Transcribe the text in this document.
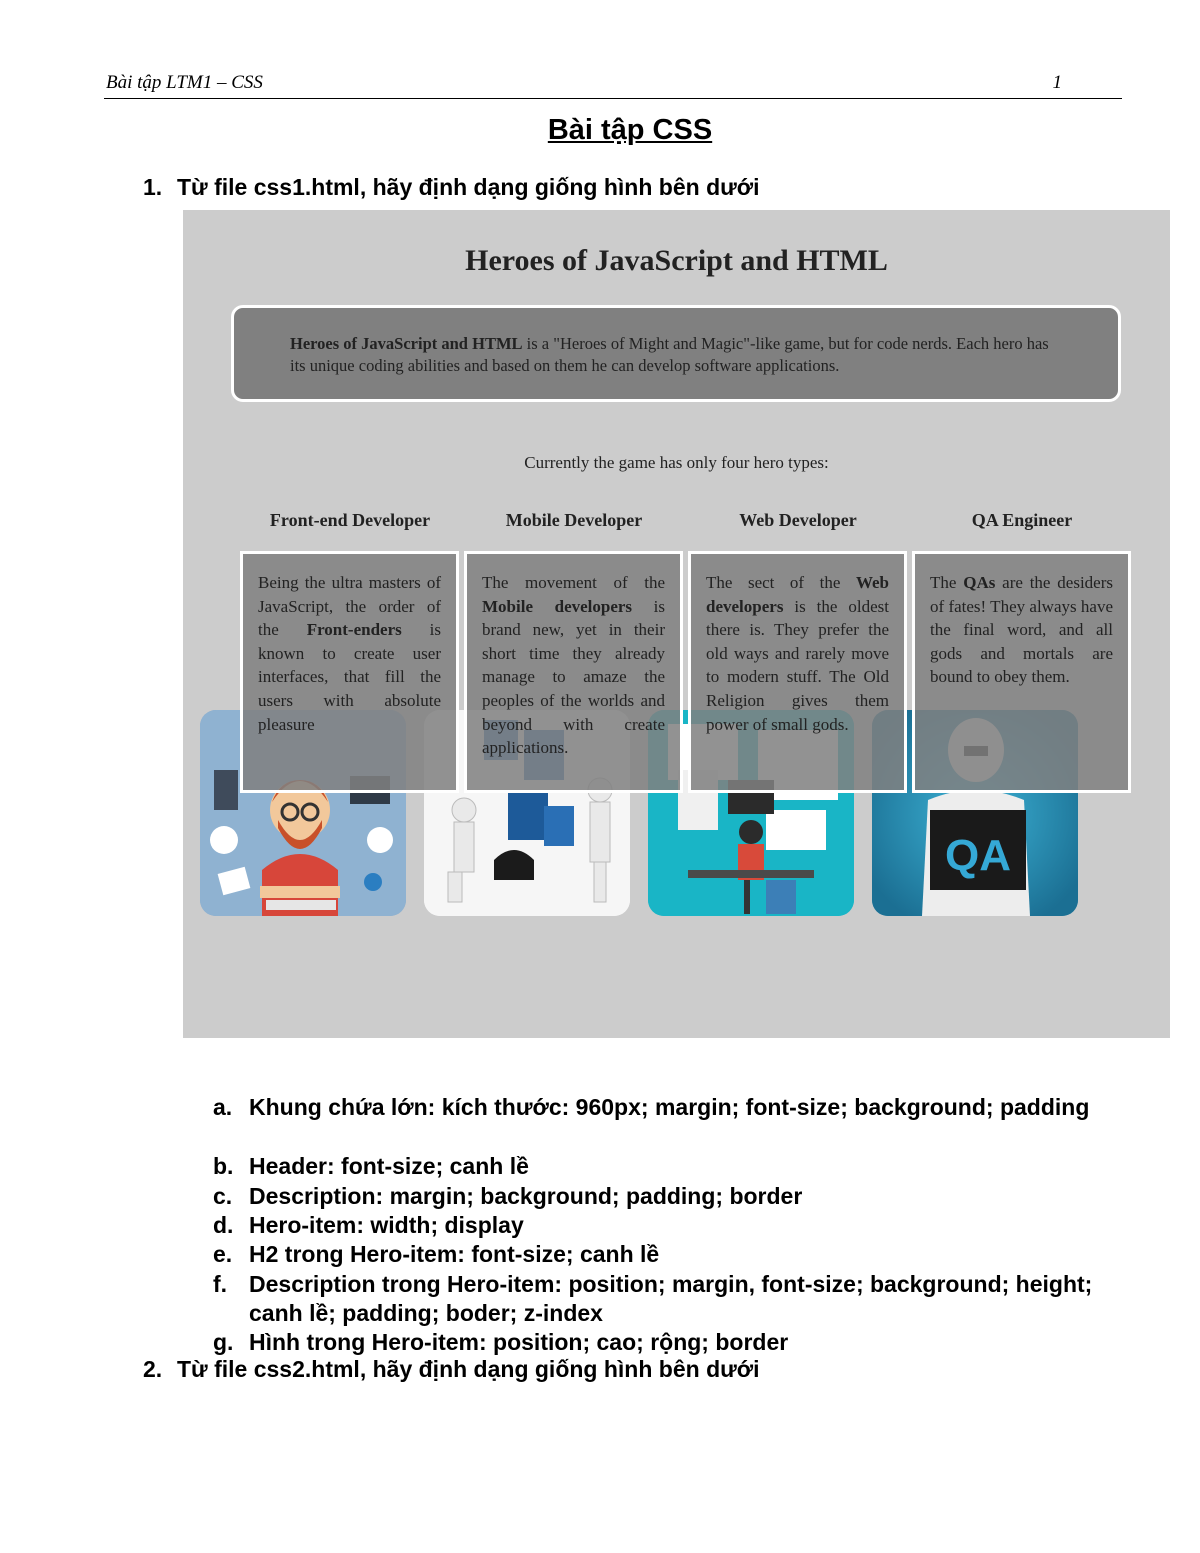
Bài tập LTM1 – CSS	1
Bài tập CSS
1. Từ file css1.html, hãy định dạng giống hình bên dưới
Heroes of JavaScript and HTML
Heroes of JavaScript and HTML is a "Heroes of Might and Magic"-like game, but for code nerds. Each hero has its unique coding abilities and based on them he can develop software applications.
Currently the game has only four hero types:
Front-end Developer	Mobile Developer	Web Developer	QA Engineer
QA
Being the ultra masters of JavaScript, the order of the Front-enders is known to create user interfaces, that fill the users with absolute pleasure
The movement of the Mobile developers is brand new, yet in their short time they already manage to amaze the peoples of the worlds and beyond with create applications.
The sect of the Web developers is the oldest there is. They prefer the old ways and rarely move to modern stuff. The Old Religion gives them power of small gods.
The QAs are the desiders of fates! They always have the final word, and all gods and mortals are bound to obey them.
a. Khung chứa lớn: kích thước: 960px; margin; font-size; background; padding
b. Header: font-size; canh lề
c. Description: margin; background; padding; border
d. Hero-item: width; display
e. H2 trong Hero-item: font-size; canh lề
f. Description trong Hero-item: position; margin, font-size; background; height; canh lề; padding; boder; z-index
g. Hình trong Hero-item: position; cao; rộng; border
2. Từ file css2.html, hãy định dạng giống hình bên dưới
